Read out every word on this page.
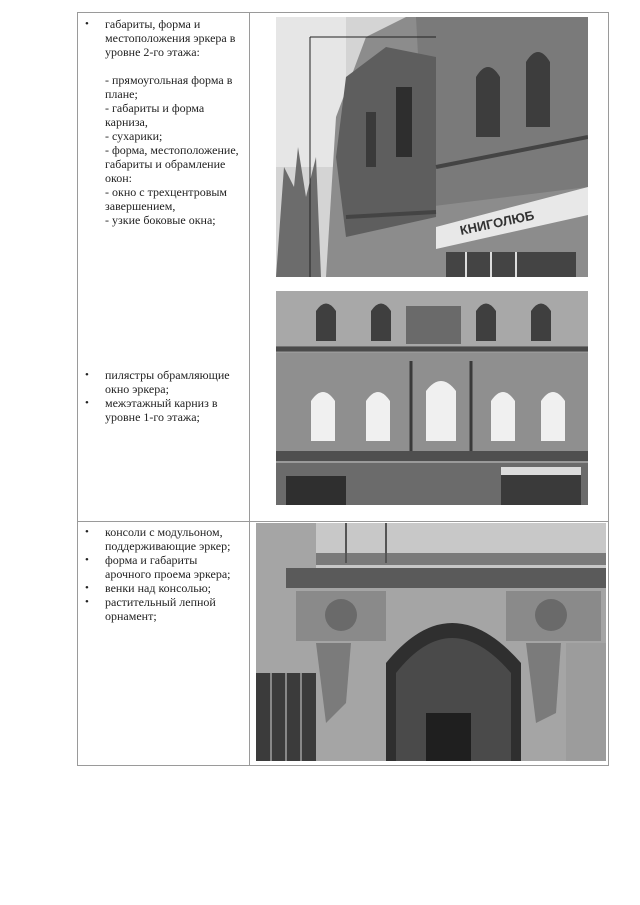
• габариты, форма и местоположения эркера в уровне 2-го этажа:
- прямоугольная форма в плане;
- габариты и форма карниза,
- сухарики;
- форма, местоположение, габариты и обрамление окон:
- окно с трехцентровым завершением,
- узкие боковые окна;
• пилястры обрамляющие окно эркера;
• межэтажный карниз в уровне 1-го этажа;
КНИГОЛЮБ
• консоли с модульоном, поддерживающие эркер;
• форма и габариты арочного проема эркера;
• венки над консолью;
• растительный лепной орнамент;
